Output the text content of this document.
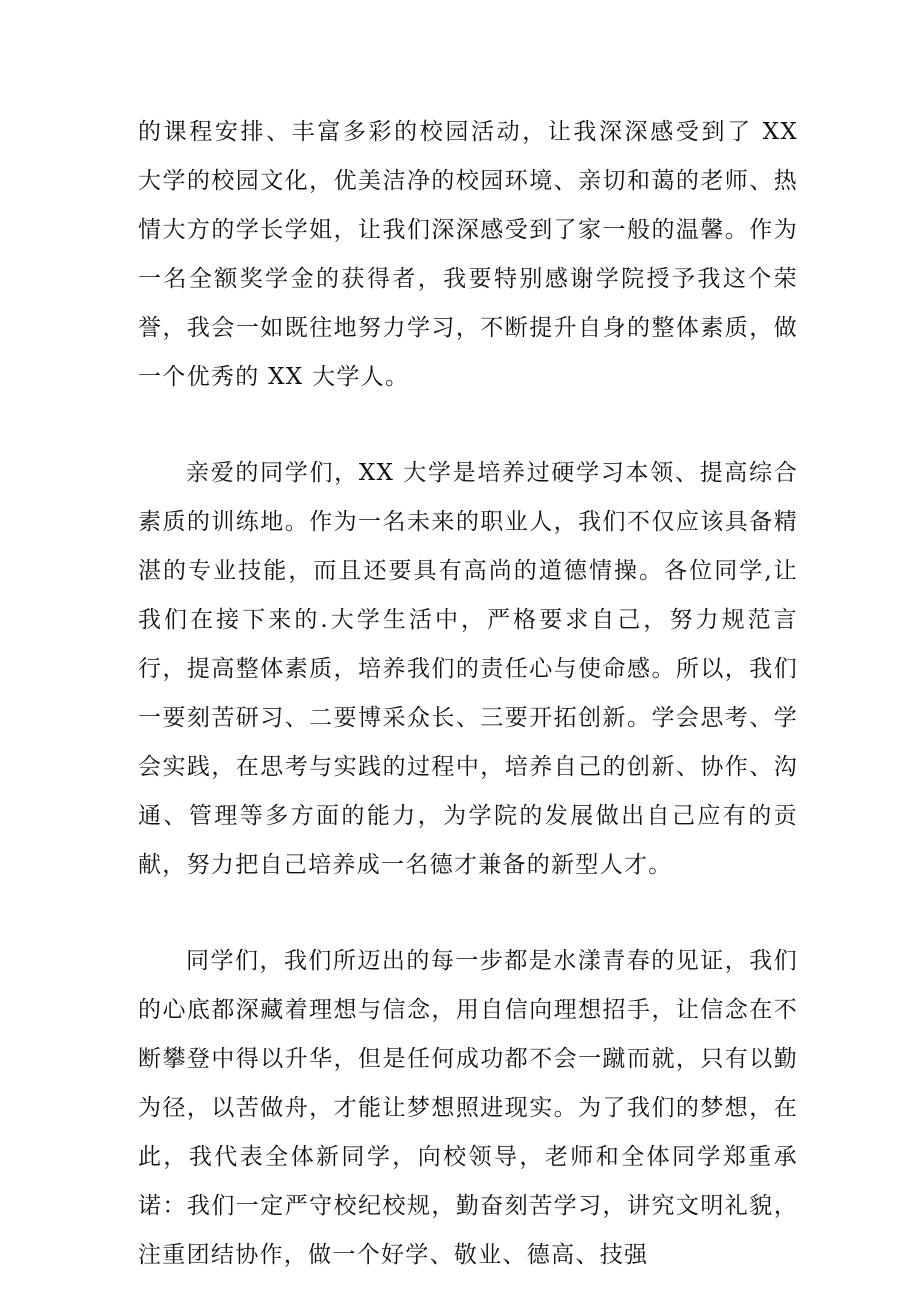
的课程安排、丰富多彩的校园活动，让我深深感受到了 XX 大学的校园文化，优美洁净的校园环境、亲切和蔼的老师、热情大方的学长学姐，让我们深深感受到了家一般的温馨。作为一名全额奖学金的获得者，我要特别感谢学院授予我这个荣誉，我会一如既往地努力学习，不断提升自身的整体素质，做一个优秀的 XX 大学人。

亲爱的同学们，XX 大学是培养过硬学习本领、提高综合素质的训练地。作为一名未来的职业人，我们不仅应该具备精湛的专业技能，而且还要具有高尚的道德情操。各位同学,让我们在接下来的.大学生活中，严格要求自己，努力规范言行，提高整体素质，培养我们的责任心与使命感。所以，我们一要刻苦研习、二要博采众长、三要开拓创新。学会思考、学会实践，在思考与实践的过程中，培养自己的创新、协作、沟通、管理等多方面的能力，为学院的发展做出自己应有的贡献，努力把自己培养成一名德才兼备的新型人才。

同学们，我们所迈出的每一步都是水漾青春的见证，我们的心底都深藏着理想与信念，用自信向理想招手，让信念在不断攀登中得以升华，但是任何成功都不会一蹴而就，只有以勤为径，以苦做舟，才能让梦想照进现实。为了我们的梦想，在此，我代表全体新同学，向校领导，老师和全体同学郑重承诺：我们一定严守校纪校规，勤奋刻苦学习，讲究文明礼貌，注重团结协作，做一个好学、敬业、德高、技强
